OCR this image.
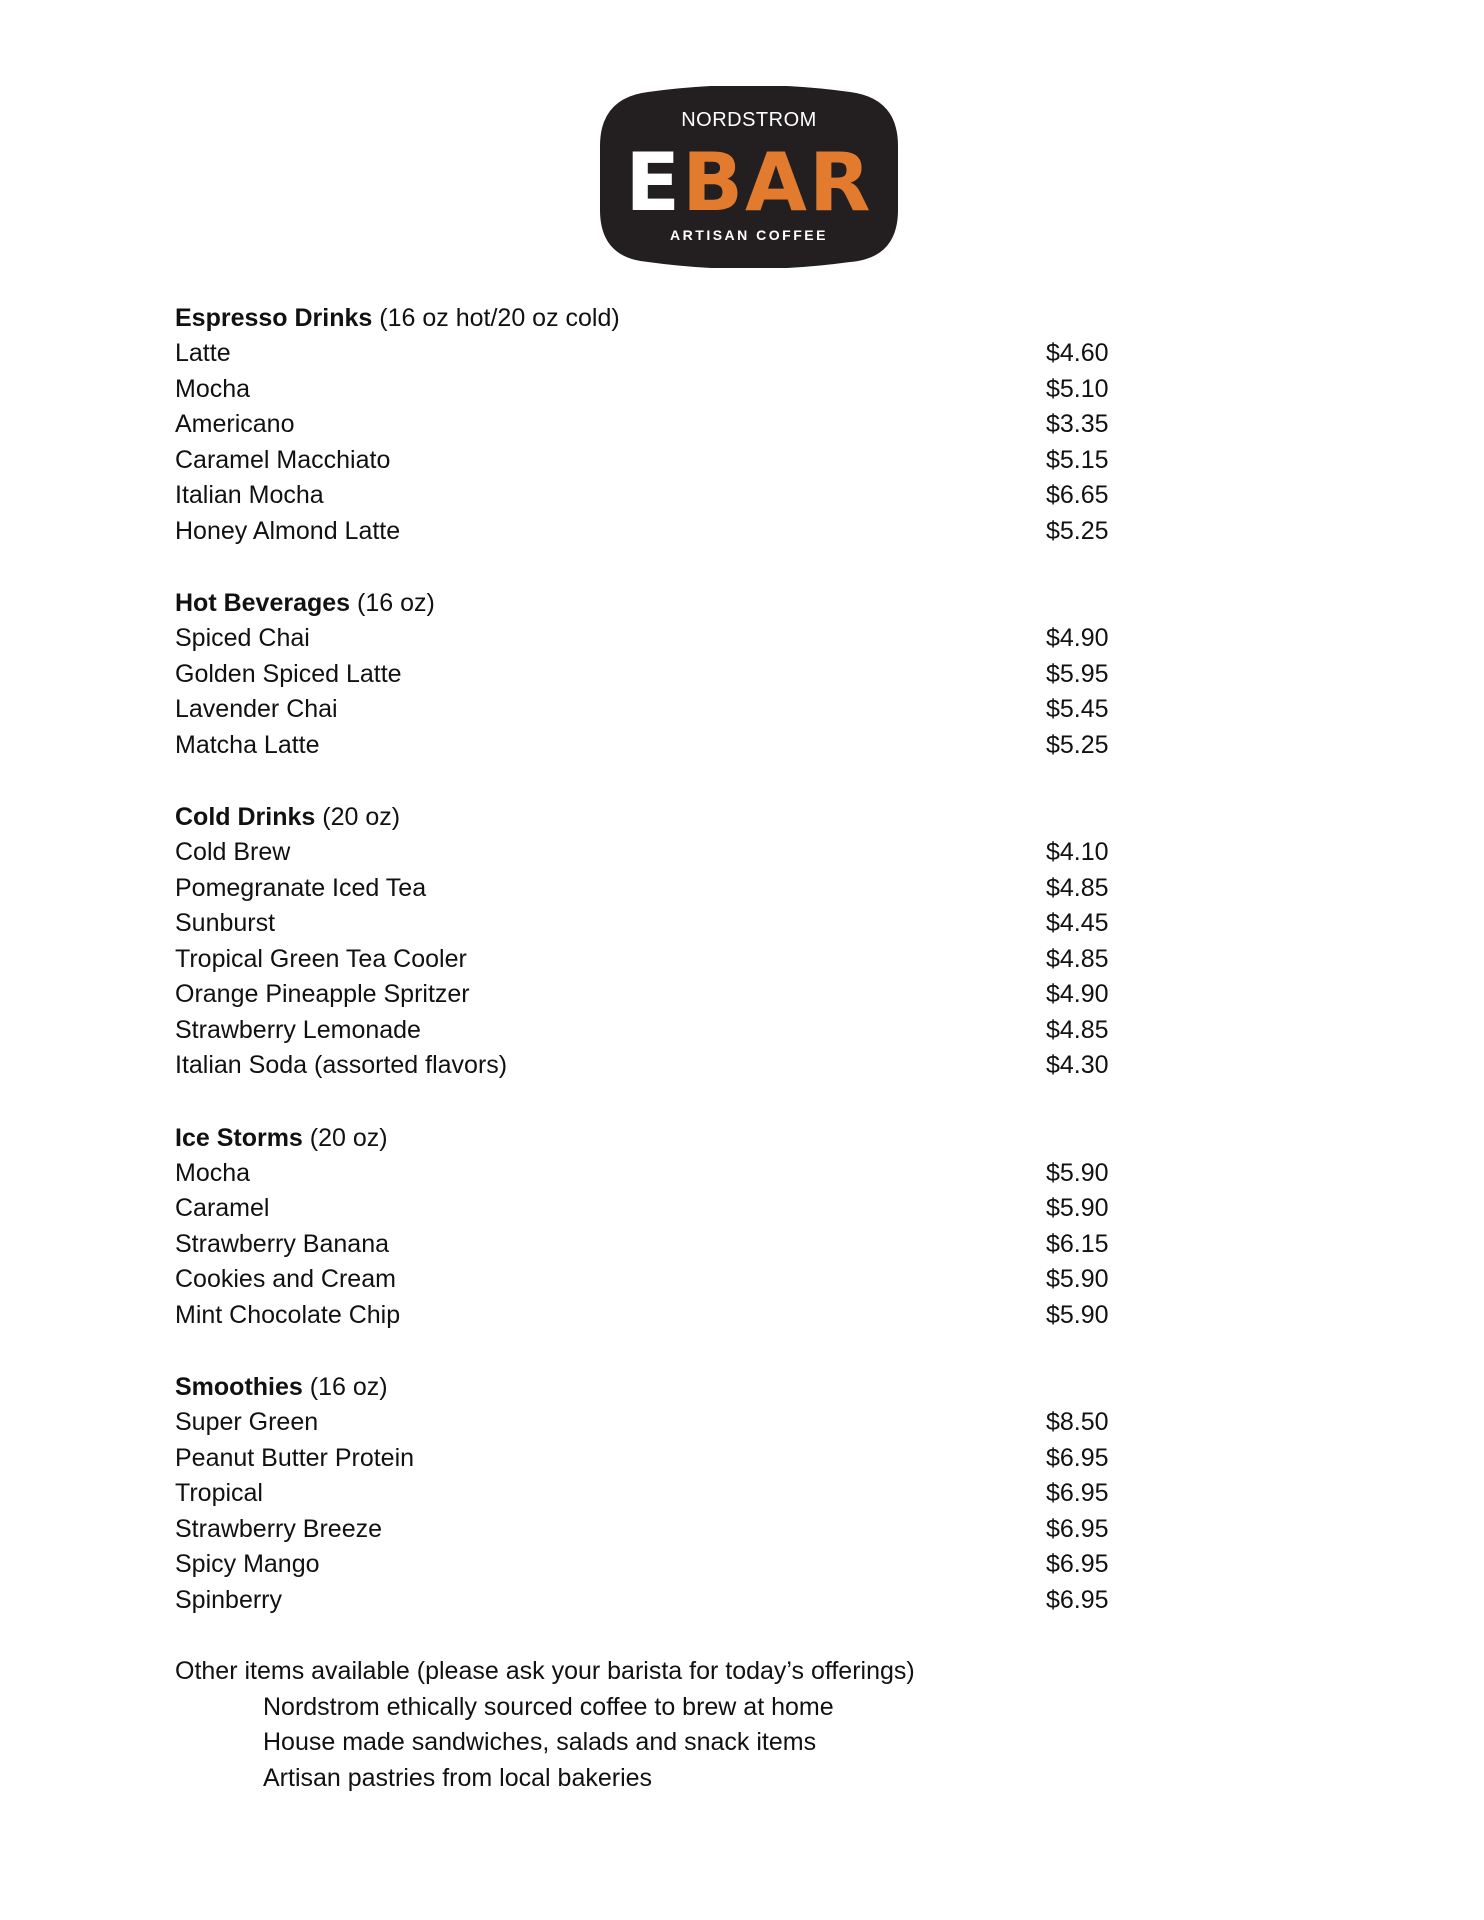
NORDSTROM
EBAR
ARTISAN COFFEE
Espresso Drinks (16 oz hot/20 oz cold)
Latte	$4.60
Mocha	$5.10
Americano	$3.35
Caramel Macchiato	$5.15
Italian Mocha	$6.65
Honey Almond Latte	$5.25
Hot Beverages (16 oz)
Spiced Chai	$4.90
Golden Spiced Latte	$5.95
Lavender Chai	$5.45
Matcha Latte	$5.25
Cold Drinks (20 oz)
Cold Brew	$4.10
Pomegranate Iced Tea	$4.85
Sunburst	$4.45
Tropical Green Tea Cooler	$4.85
Orange Pineapple Spritzer	$4.90
Strawberry Lemonade	$4.85
Italian Soda (assorted flavors)	$4.30
Ice Storms (20 oz)
Mocha	$5.90
Caramel	$5.90
Strawberry Banana	$6.15
Cookies and Cream	$5.90
Mint Chocolate Chip	$5.90
Smoothies (16 oz)
Super Green	$8.50
Peanut Butter Protein	$6.95
Tropical	$6.95
Strawberry Breeze	$6.95
Spicy Mango	$6.95
Spinberry	$6.95
Other items available (please ask your barista for today’s offerings)
Nordstrom ethically sourced coffee to brew at home
House made sandwiches, salads and snack items
Artisan pastries from local bakeries
